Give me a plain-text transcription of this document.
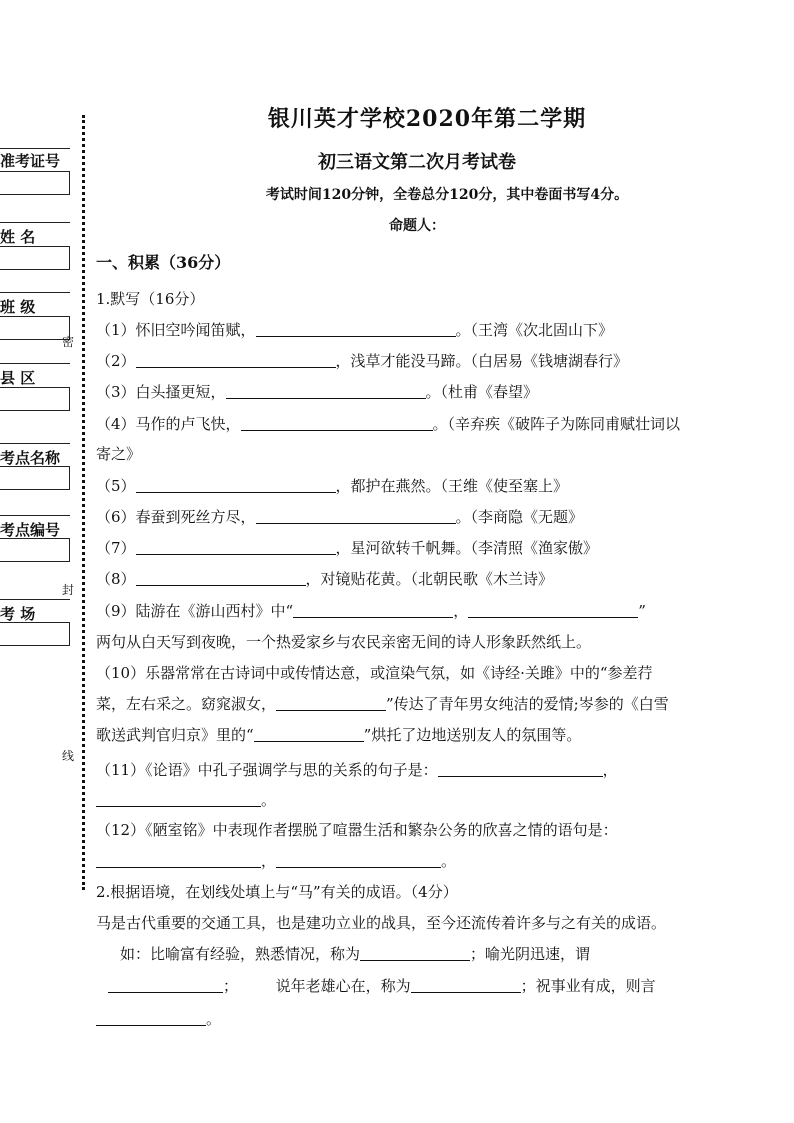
准考证号
姓 名
班 级
县 区
考点名称
考点编号
考 场
密
封
线
银川英才学校2020年第二学期
初三语文第二次月考试卷
考试时间120分钟，全卷总分120分，其中卷面书写4分。
命题人：
一、积累（36分）
1.默写（16分）
（1）怀旧空吟闻笛赋，	。（王湾《次北固山下》
（2）	，浅草才能没马蹄。（白居易《钱塘湖春行》
（3）白头搔更短，	。（杜甫《春望》
（4）马作的卢飞快，	。（辛弃疾《破阵子为陈同甫赋壮词以
寄之》
（5）	，都护在燕然。（王维《使至塞上》
（6）春蚕到死丝方尽，	。（李商隐《无题》
（7）	，星河欲转千帆舞。（李清照《渔家傲》
（8）	，对镜贴花黄。（北朝民歌《木兰诗》
（9）陆游在《游山西村》中“	，	”
两句从白天写到夜晚，一个热爱家乡与农民亲密无间的诗人形象跃然纸上。
（10）乐器常常在古诗词中或传情达意，或渲染气氛，如《诗经·关雎》中的“参差荇
菜，左右采之。窈窕淑女，	”传达了青年男女纯洁的爱情;岑参的《白雪
歌送武判官归京》里的“	”烘托了边地送别友人的氛围等。
（11）《论语》中孔子强调学与思的关系的句子是：	，
。
（12）《陋室铭》中表现作者摆脱了喧嚣生活和繁杂公务的欣喜之情的语句是：
，	。
2.根据语境，在划线处填上与“马”有关的成语。（4分）
马是古代重要的交通工具，也是建功立业的战具，至今还流传着许多与之有关的成语。
如：比喻富有经验，熟悉情况，称为	；喻光阴迅速，谓
；	说年老雄心在，称为	；祝事业有成，则言
。
